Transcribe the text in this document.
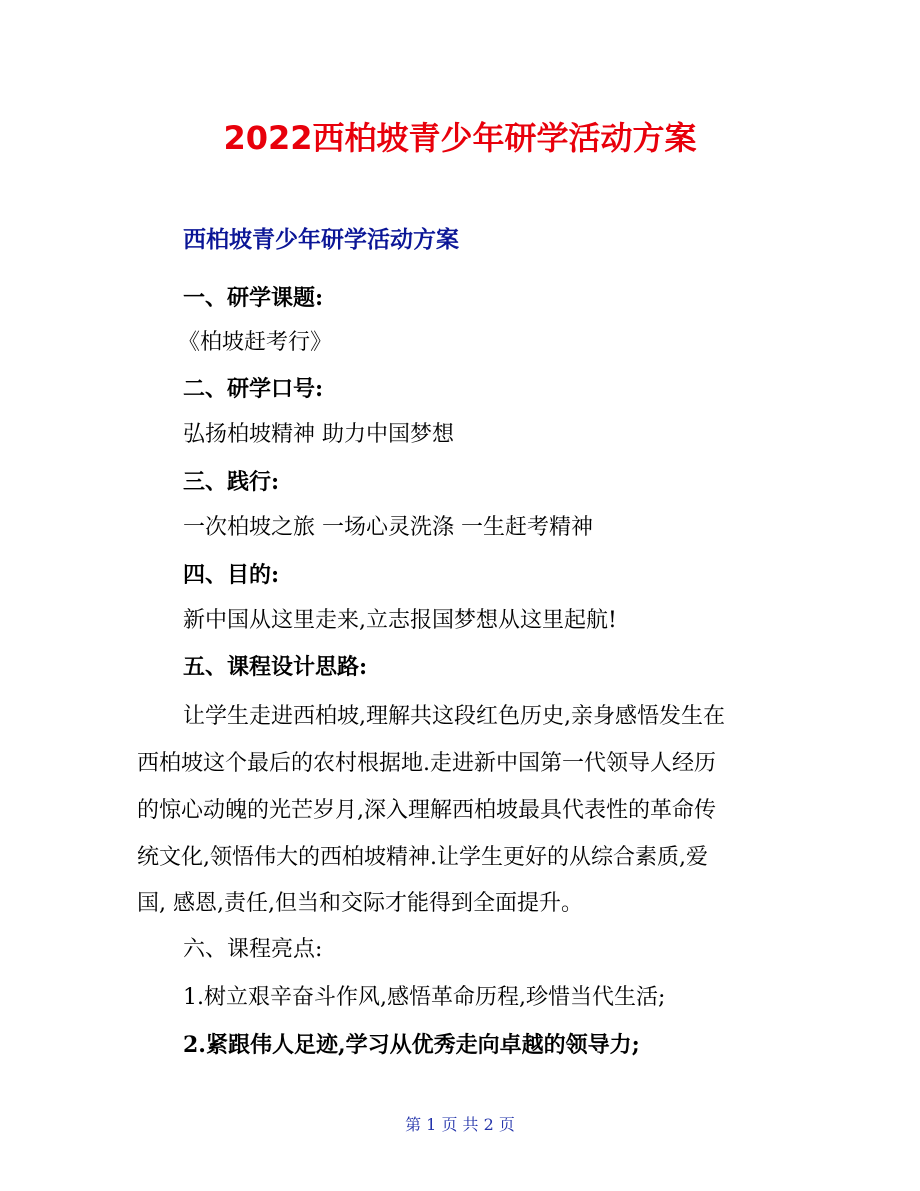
2022西柏坡青少年研学活动方案
西柏坡青少年研学活动方案
一、研学课题:
《柏坡赶考行》
二、研学口号:
弘扬柏坡精神 助力中国梦想
三、践行:
一次柏坡之旅 一场心灵洗涤 一生赶考精神
四、目的:
新中国从这里走来,立志报国梦想从这里起航!
五、课程设计思路:
让学生走进西柏坡,理解共这段红色历史,亲身感悟发生在
西柏坡这个最后的农村根据地.走进新中国第一代领导人经历
的惊心动魄的光芒岁月,深入理解西柏坡最具代表性的革命传
统文化,领悟伟大的西柏坡精神.让学生更好的从综合素质,爱
国, 感恩,责任,但当和交际才能得到全面提升。
六、课程亮点:
1.树立艰辛奋斗作风,感悟革命历程,珍惜当代生活;
2.紧跟伟人足迹,学习从优秀走向卓越的领导力;
第 1 页 共 2 页
